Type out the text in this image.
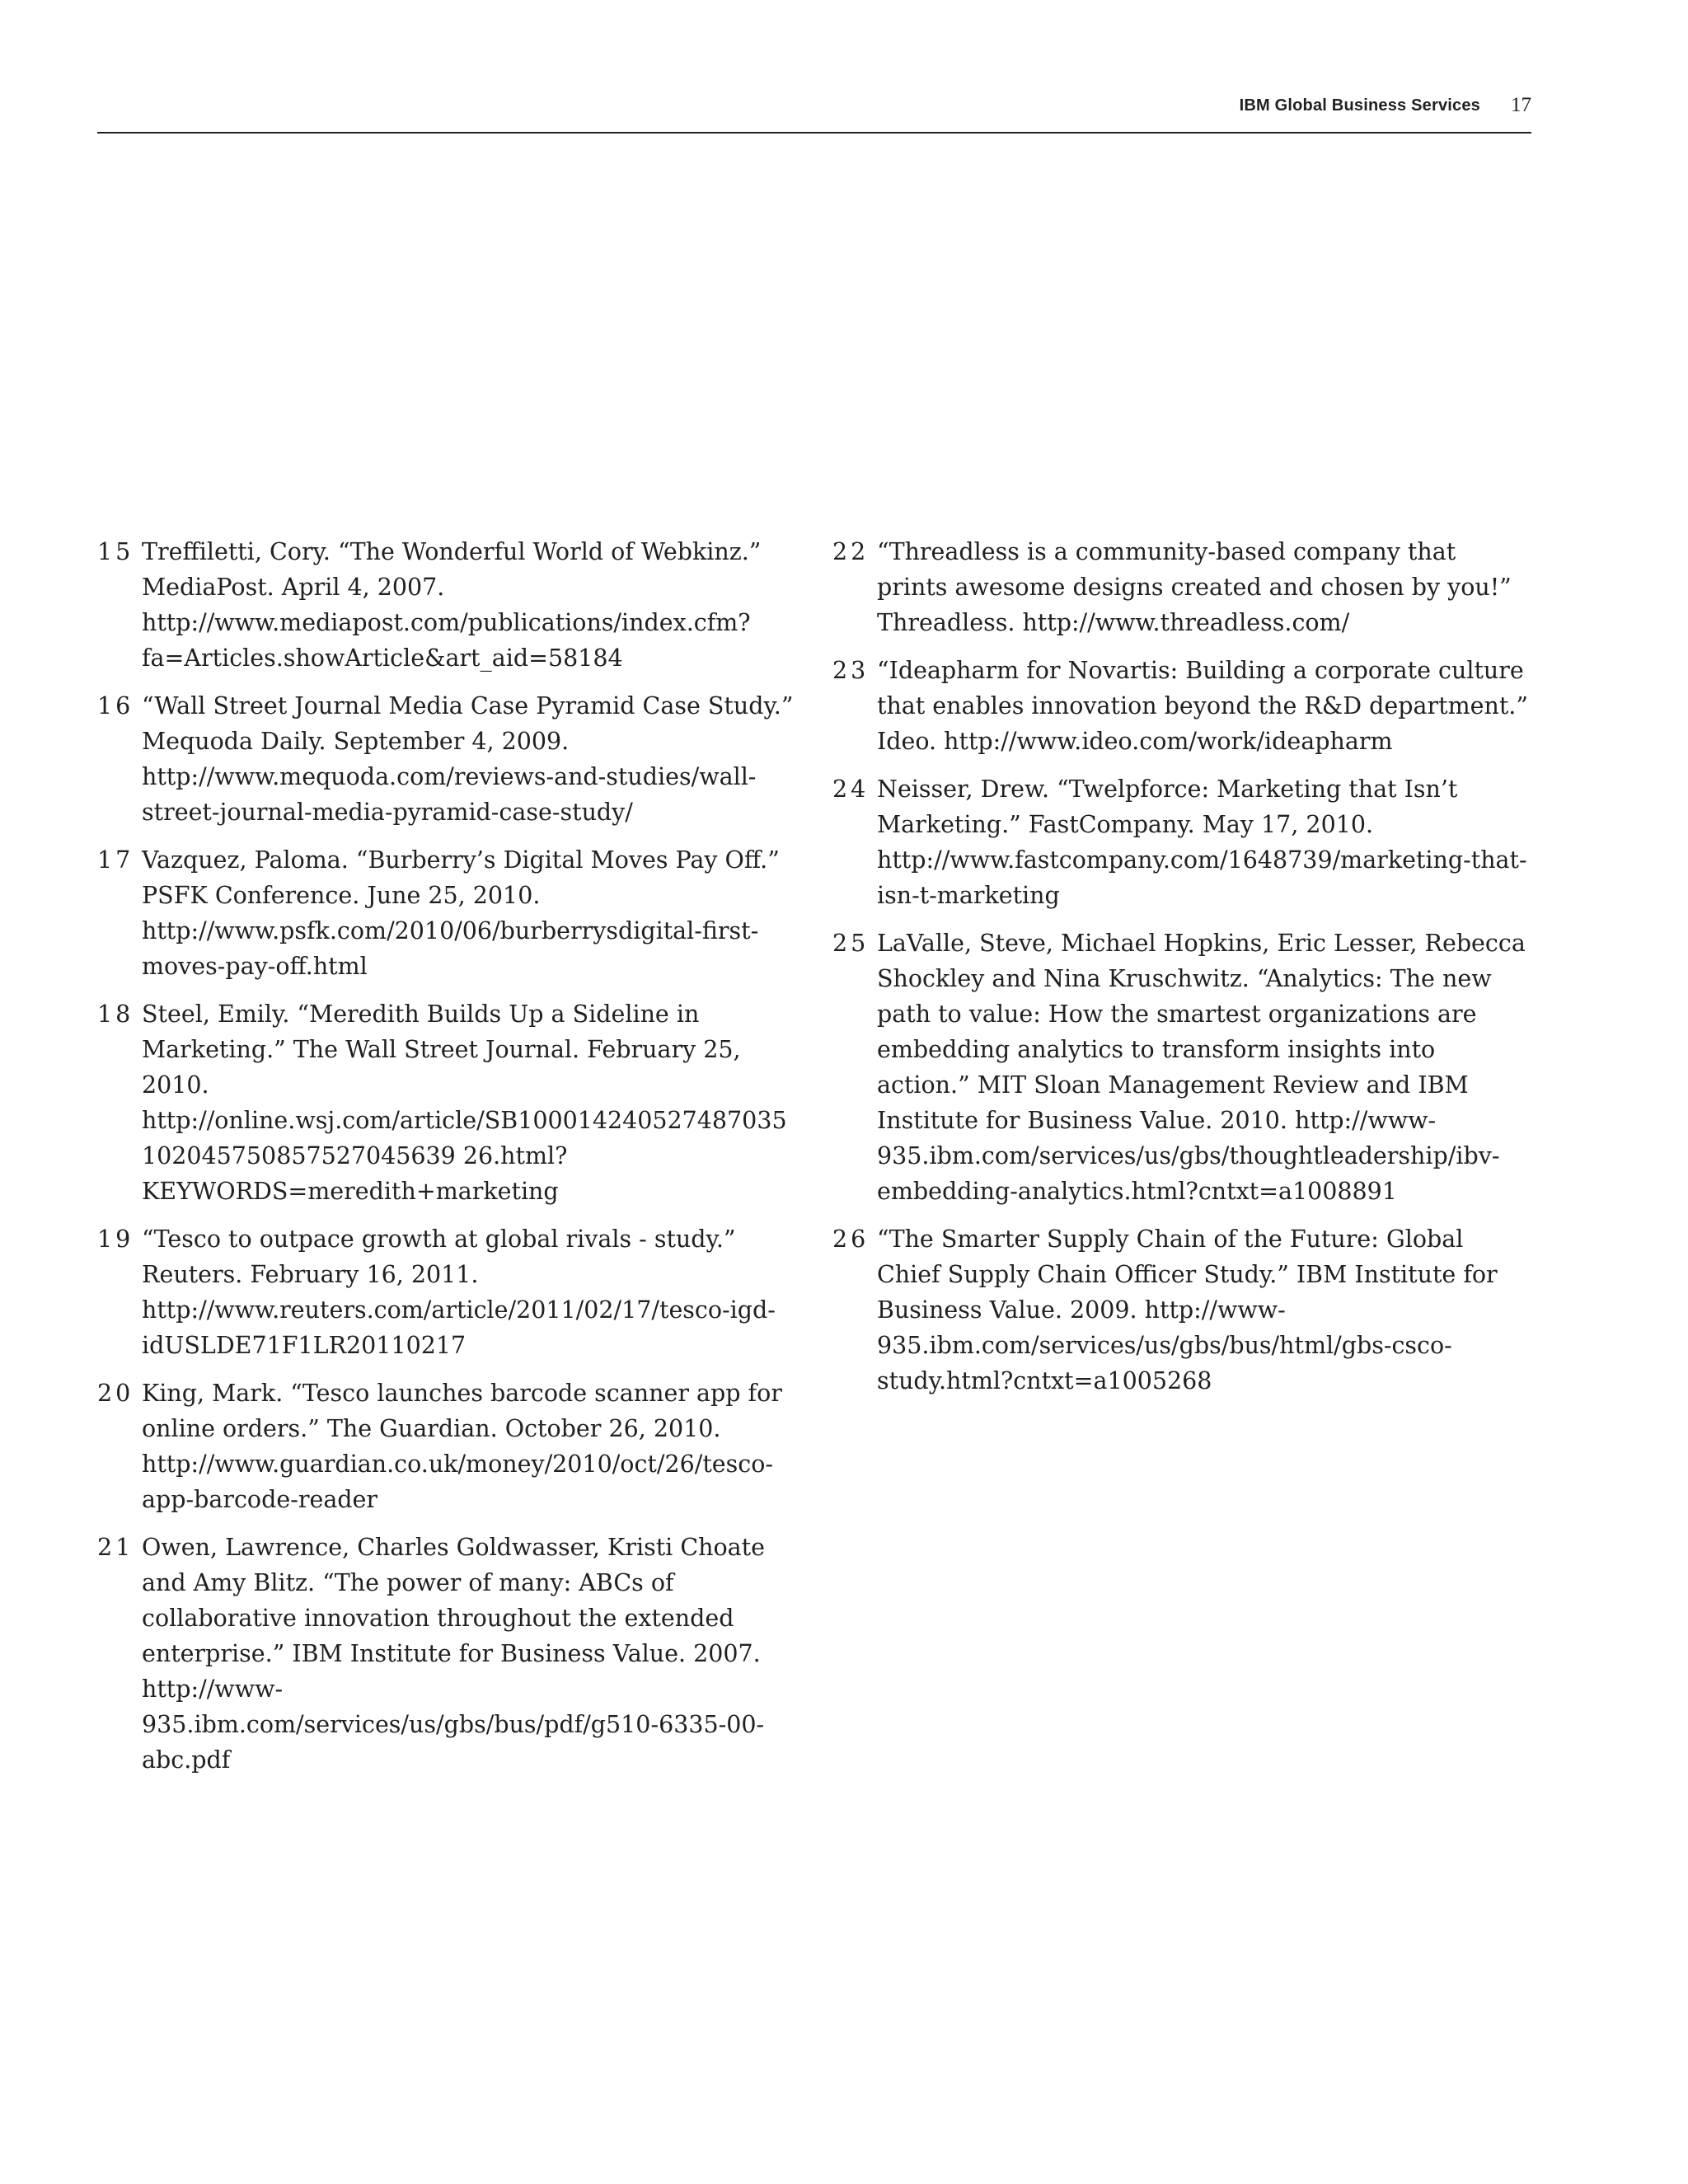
IBM Global Business Services 17
15 Treffiletti, Cory. “The Wonderful World of Webkinz.” MediaPost. April 4, 2007. http://www.mediapost.com/publications/index.cfm?fa=Articles.showArticle&art_aid=58184
16 “Wall Street Journal Media Case Pyramid Case Study.” Mequoda Daily. September 4, 2009. http://www.mequoda.com/reviews-and-studies/wall-street-journal-media-pyramid-case-study/
17 Vazquez, Paloma. “Burberry’s Digital Moves Pay Off.” PSFK Conference. June 25, 2010. http://www.psfk.com/2010/06/burberrysdigital-first-moves-pay-off.html
18 Steel, Emily. “Meredith Builds Up a Sideline in Marketing.” The Wall Street Journal. February 25, 2010. http://online.wsj.com/article/SB100014240527487035102045750857527045639 26.html?KEYWORDS=meredith+marketing
19 “Tesco to outpace growth at global rivals - study.” Reuters. February 16, 2011. http://www.reuters.com/article/2011/02/17/tesco-igd-idUSLDE71F1LR20110217
20 King, Mark. “Tesco launches barcode scanner app for online orders.” The Guardian. October 26, 2010. http://www.guardian.co.uk/money/2010/oct/26/tesco-app-barcode-reader
21 Owen, Lawrence, Charles Goldwasser, Kristi Choate and Amy Blitz. “The power of many: ABCs of collaborative innovation throughout the extended enterprise.” IBM Institute for Business Value. 2007. http://www-935.ibm.com/services/us/gbs/bus/pdf/g510-6335-00-abc.pdf
22 “Threadless is a community-based company that prints awesome designs created and chosen by you!” Threadless. http://www.threadless.com/
23 “Ideapharm for Novartis: Building a corporate culture that enables innovation beyond the R&D department.” Ideo. http://www.ideo.com/work/ideapharm
24 Neisser, Drew. “Twelpforce: Marketing that Isn’t Marketing.” FastCompany. May 17, 2010. http://www.fastcompany.com/1648739/marketing-that-isn-t-marketing
25 LaValle, Steve, Michael Hopkins, Eric Lesser, Rebecca Shockley and Nina Kruschwitz. “Analytics: The new path to value: How the smartest organizations are embedding analytics to transform insights into action.” MIT Sloan Management Review and IBM Institute for Business Value. 2010. http://www-935.ibm.com/services/us/gbs/thoughtleadership/ibv-embedding-analytics.html?cntxt=a1008891
26 “The Smarter Supply Chain of the Future: Global Chief Supply Chain Officer Study.” IBM Institute for Business Value. 2009. http://www-935.ibm.com/services/us/gbs/bus/html/gbs-csco-study.html?cntxt=a1005268
